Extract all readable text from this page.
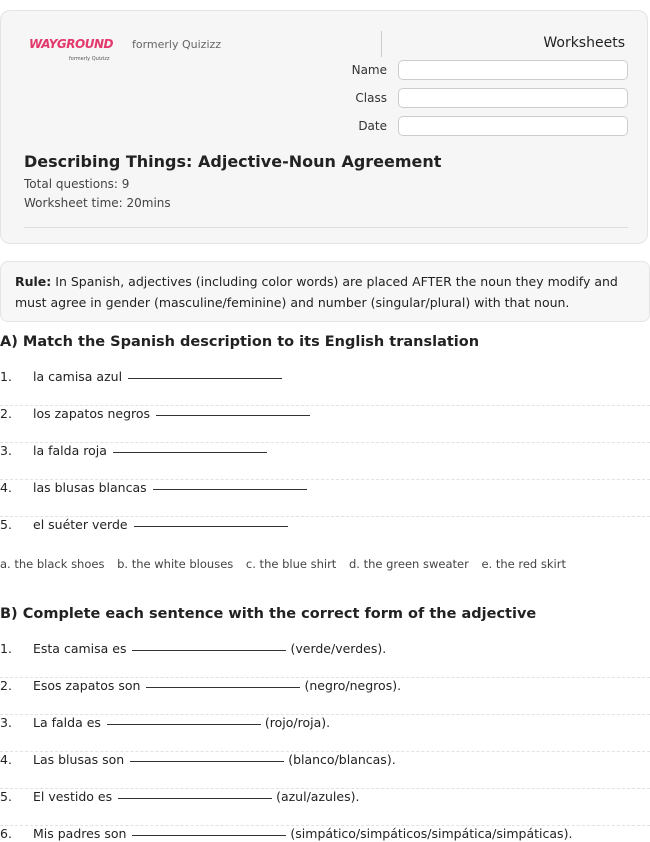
WAYGROUND
formerly Quizizz
formerly Quizizz	Worksheets
Name
Class
Date
Describing Things: Adjective-Noun Agreement
Total questions: 9
Worksheet time: 20mins
Rule: In Spanish, adjectives (including color words) are placed AFTER the noun they modify and must agree in gender (masculine/feminine) and number (singular/plural) with that noun.
A) Match the Spanish description to its English translation
1. la camisa azul
2. los zapatos negros
3. la falda roja
4. las blusas blancas
5. el suéter verde
a. the black shoes b. the white blouses c. the blue shirt d. the green sweater e. the red skirt
B) Complete each sentence with the correct form of the adjective
1. Esta camisa es	(verde/verdes).
2. Esos zapatos son	(negro/negros).
3. La falda es	(rojo/roja).
4. Las blusas son	(blanco/blancas).
5. El vestido es	(azul/azules).
6. Mis padres son	(simpático/simpáticos/simpática/simpáticas).
